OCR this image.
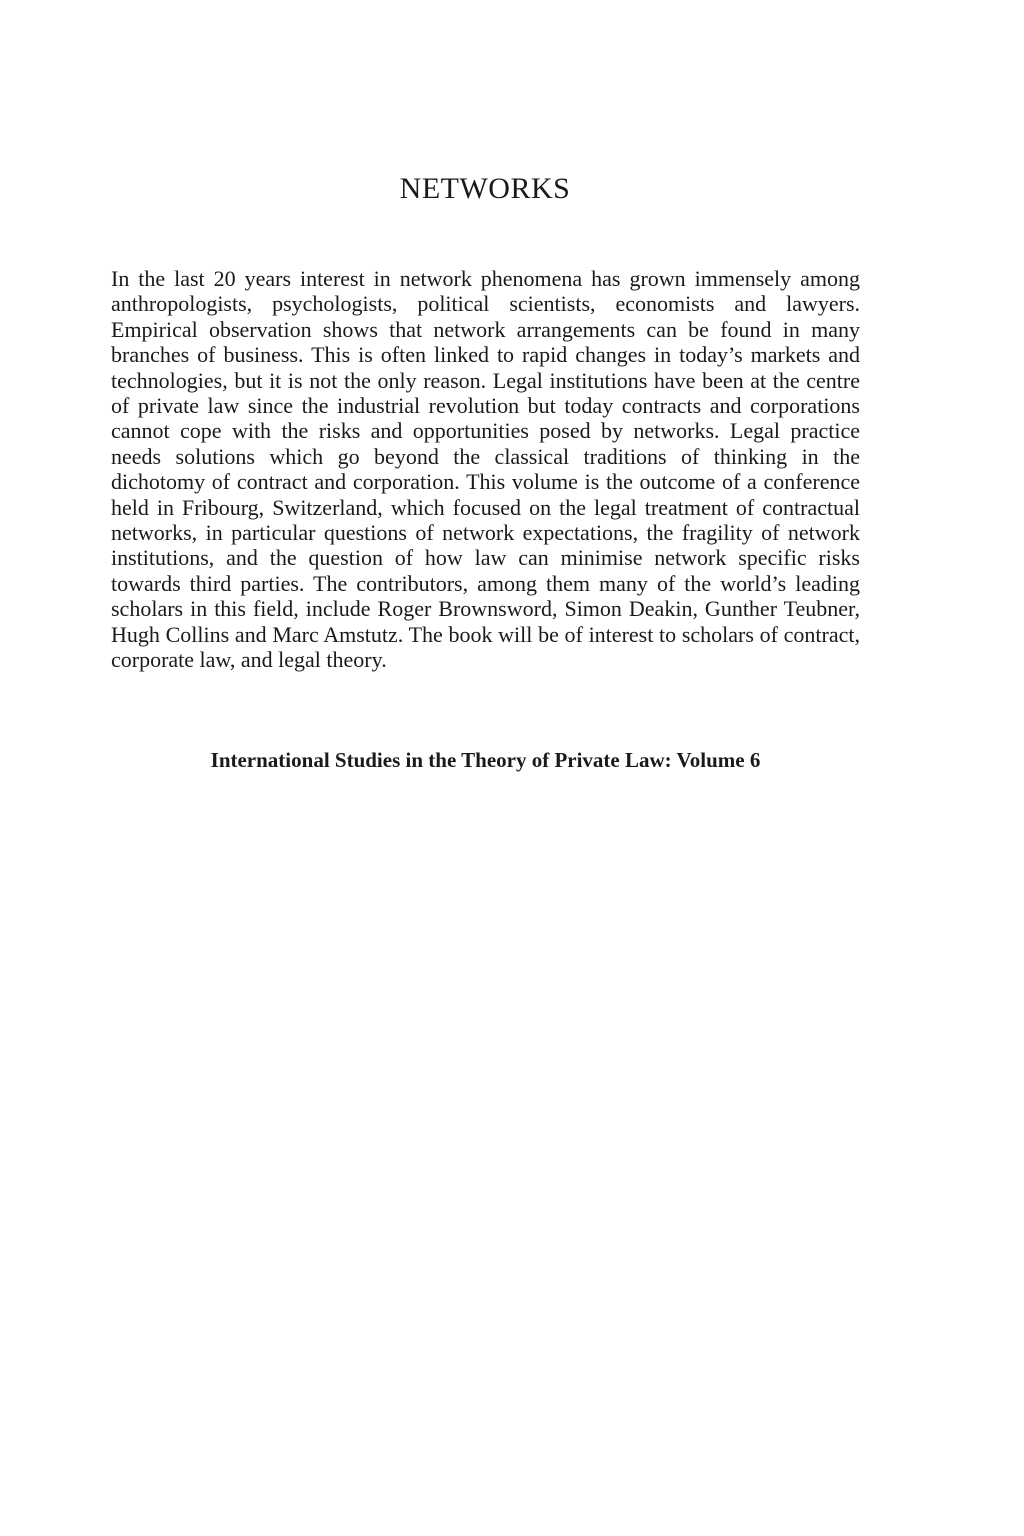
NETWORKS

In the last 20 years interest in network phenomena has grown immensely among anthropologists, psychologists, political scientists, economists and lawyers. Empirical observation shows that network arrangements can be found in many branches of business. This is often linked to rapid changes in today’s markets and technologies, but it is not the only reason. Legal institutions have been at the centre of private law since the industrial revolution but today contracts and corporations cannot cope with the risks and opportunities posed by networks. Legal practice needs solutions which go beyond the classical traditions of thinking in the dichotomy of contract and corporation. This volume is the outcome of a conference held in Fribourg, Switzerland, which focused on the legal treatment of contractual networks, in particular questions of network expectations, the fragility of network institutions, and the question of how law can minimise network specific risks towards third parties. The contributors, among them many of the world’s leading scholars in this field, include Roger Brownsword, Simon Deakin, Gunther Teubner, Hugh Collins and Marc Amstutz. The book will be of interest to scholars of contract, corporate law, and legal theory.

International Studies in the Theory of Private Law: Volume 6
